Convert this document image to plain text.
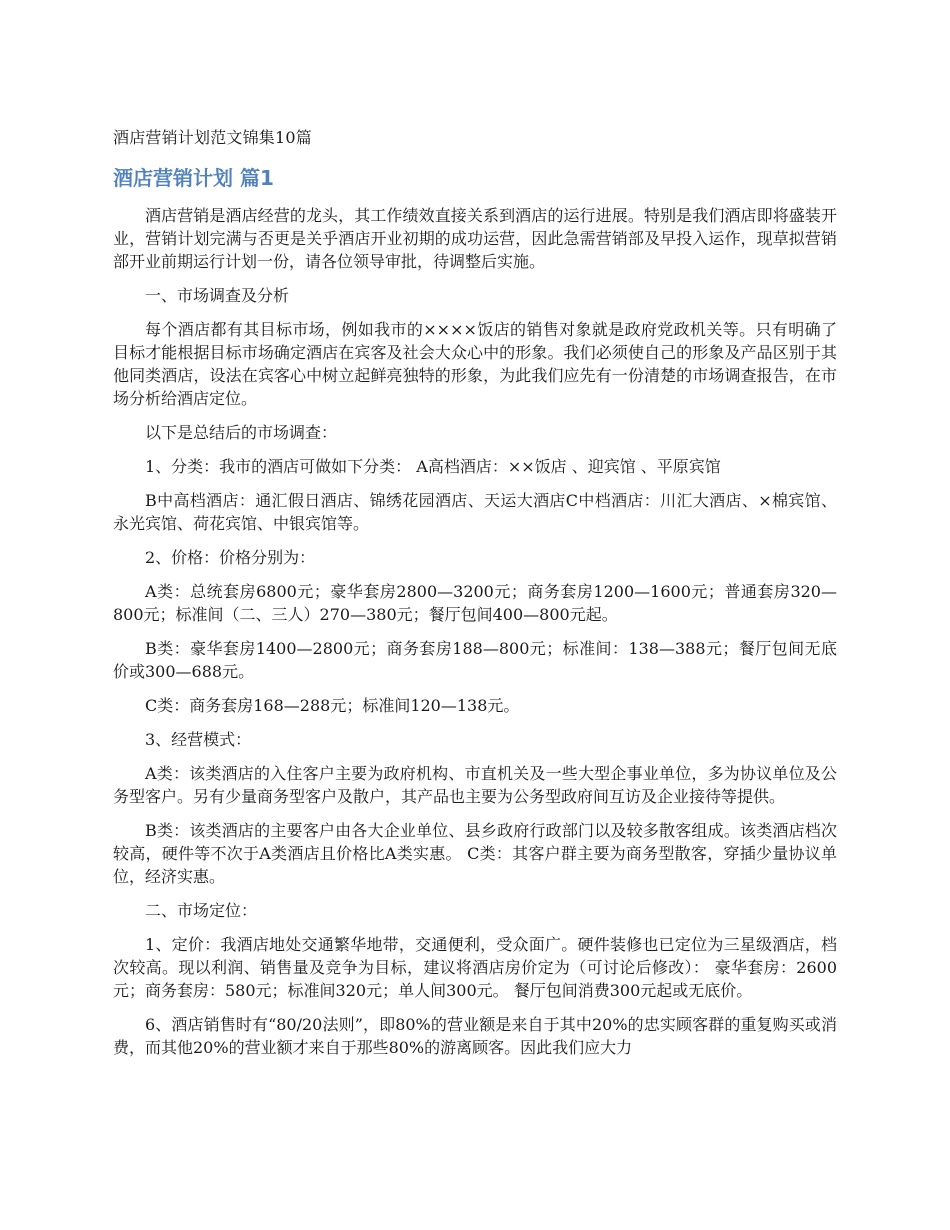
酒店营销计划范文锦集10篇
酒店营销计划 篇1

酒店营销是酒店经营的龙头，其工作绩效直接关系到酒店的运行进展。特别是我们酒店即将盛装开业，营销计划完满与否更是关乎酒店开业初期的成功运营，因此急需营销部及早投入运作，现草拟营销部开业前期运行计划一份，请各位领导审批，待调整后实施。

一、市场调查及分析

每个酒店都有其目标市场，例如我市的××××饭店的销售对象就是政府党政机关等。只有明确了目标才能根据目标市场确定酒店在宾客及社会大众心中的形象。我们必须使自己的形象及产品区别于其他同类酒店，设法在宾客心中树立起鲜亮独特的形象，为此我们应先有一份清楚的市场调查报告，在市场分析给酒店定位。

以下是总结后的市场调查：

1、分类：我市的酒店可做如下分类： A高档酒店：××饭店 、迎宾馆 、平原宾馆

B中高档酒店：通汇假日酒店、锦绣花园酒店、天运大酒店C中档酒店：川汇大酒店、×棉宾馆、永光宾馆、荷花宾馆、中银宾馆等。

2、价格：价格分别为：

A类：总统套房6800元；豪华套房2800—3200元；商务套房1200—1600元；普通套房320—800元；标准间（二、三人）270—380元；餐厅包间400—800元起。

B类：豪华套房1400—2800元；商务套房188—800元；标准间：138—388元；餐厅包间无底价或300—688元。

C类：商务套房168—288元；标准间120—138元。

3、经营模式：

A类：该类酒店的入住客户主要为政府机构、市直机关及一些大型企事业单位，多为协议单位及公务型客户。另有少量商务型客户及散户，其产品也主要为公务型政府间互访及企业接待等提供。

B类：该类酒店的主要客户由各大企业单位、县乡政府行政部门以及较多散客组成。该类酒店档次较高，硬件等不次于A类酒店且价格比A类实惠。 C类：其客户群主要为商务型散客，穿插少量协议单位，经济实惠。

二、市场定位：

1、定价：我酒店地处交通繁华地带，交通便利，受众面广。硬件装修也已定位为三星级酒店，档次较高。现以利润、销售量及竞争为目标，建议将酒店房价定为（可讨论后修改）： 豪华套房：2600元；商务套房：580元；标准间320元；单人间300元。 餐厅包间消费300元起或无底价。

6、酒店销售时有“80/20法则”，即80%的营业额是来自于其中20%的忠实顾客群的重复购买或消费，而其他20%的营业额才来自于那些80%的游离顾客。因此我们应大力
